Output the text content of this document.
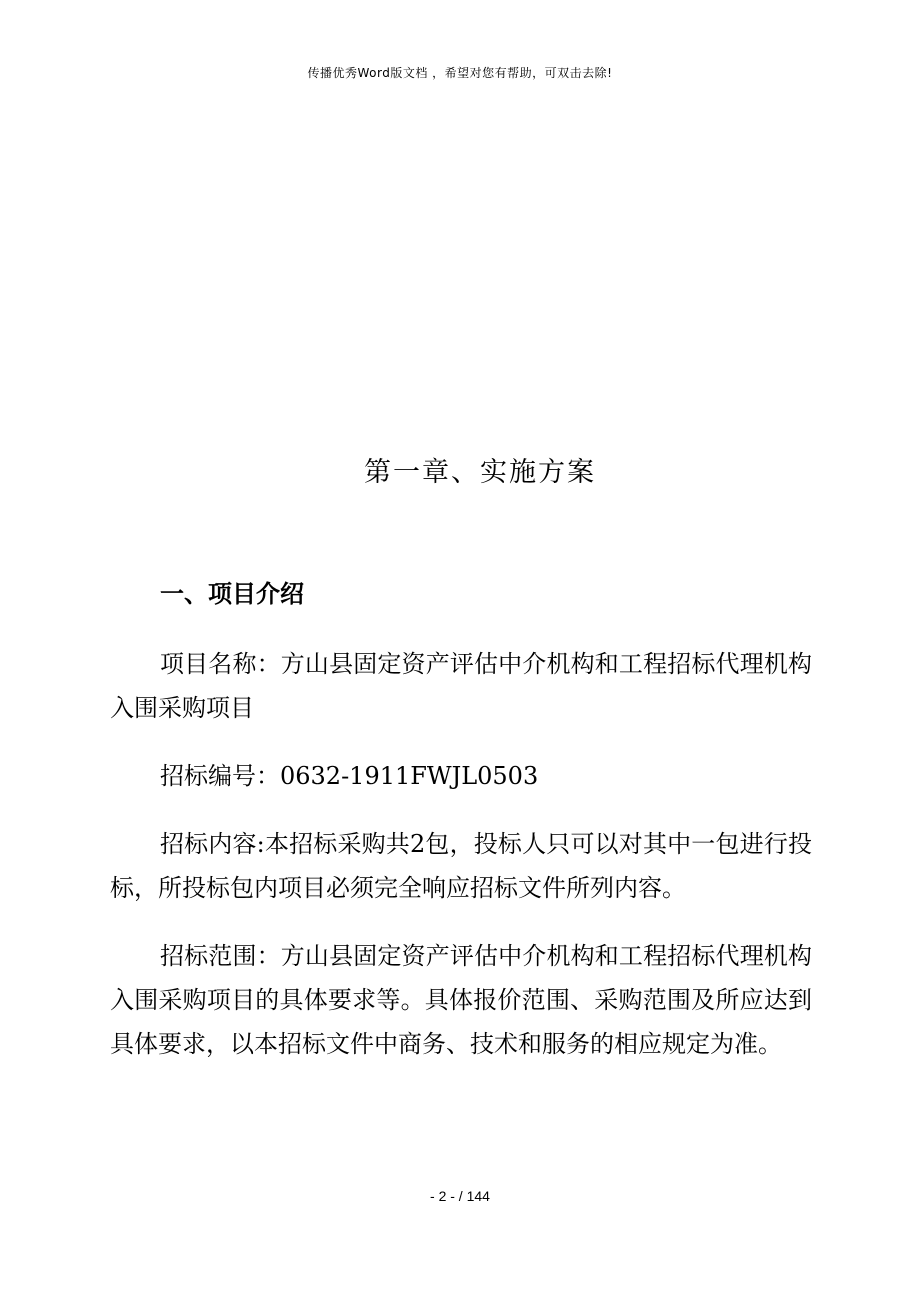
传播优秀Word版文档 ，希望对您有帮助，可双击去除!
第一章、实施方案
一、项目介绍

项目名称：方山县固定资产评估中介机构和工程招标代理机构入围采购项目

招标编号：0632-1911FWJL0503

招标内容:本招标采购共2包，投标人只可以对其中一包进行投标，所投标包内项目必须完全响应招标文件所列内容。

招标范围：方山县固定资产评估中介机构和工程招标代理机构入围采购项目的具体要求等。具体报价范围、采购范围及所应达到具体要求，以本招标文件中商务、技术和服务的相应规定为准。

- 2 - / 144
